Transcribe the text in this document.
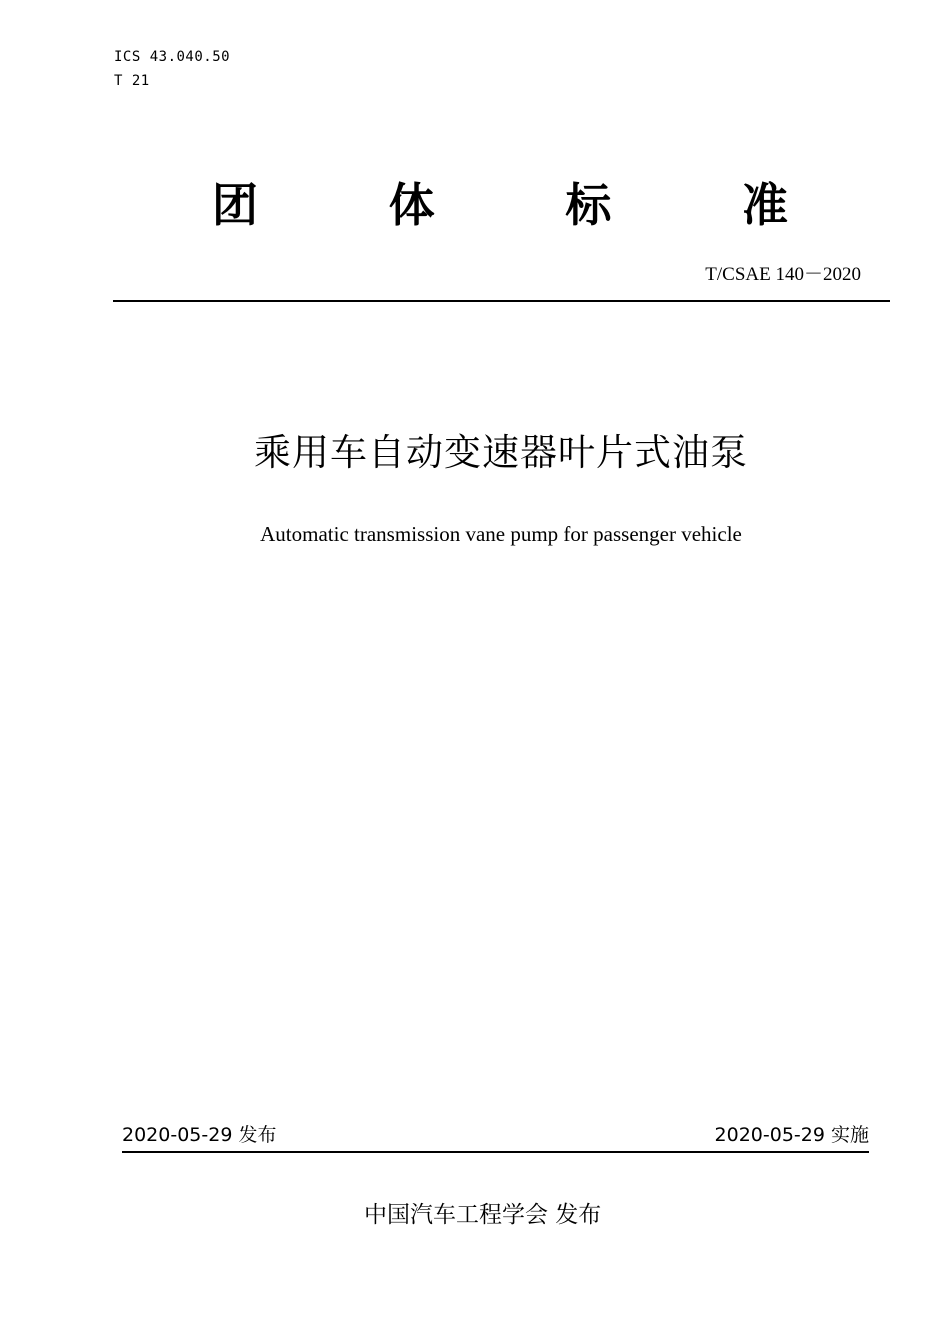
ICS 43.040.50
T 21
团	体	标	准
T/CSAE 140－2020
乘用车自动变速器叶片式油泵
Automatic transmission vane pump for passenger vehicle
2020-05-29 发布	2020-05-29 实施
中国汽车工程学会 发布
